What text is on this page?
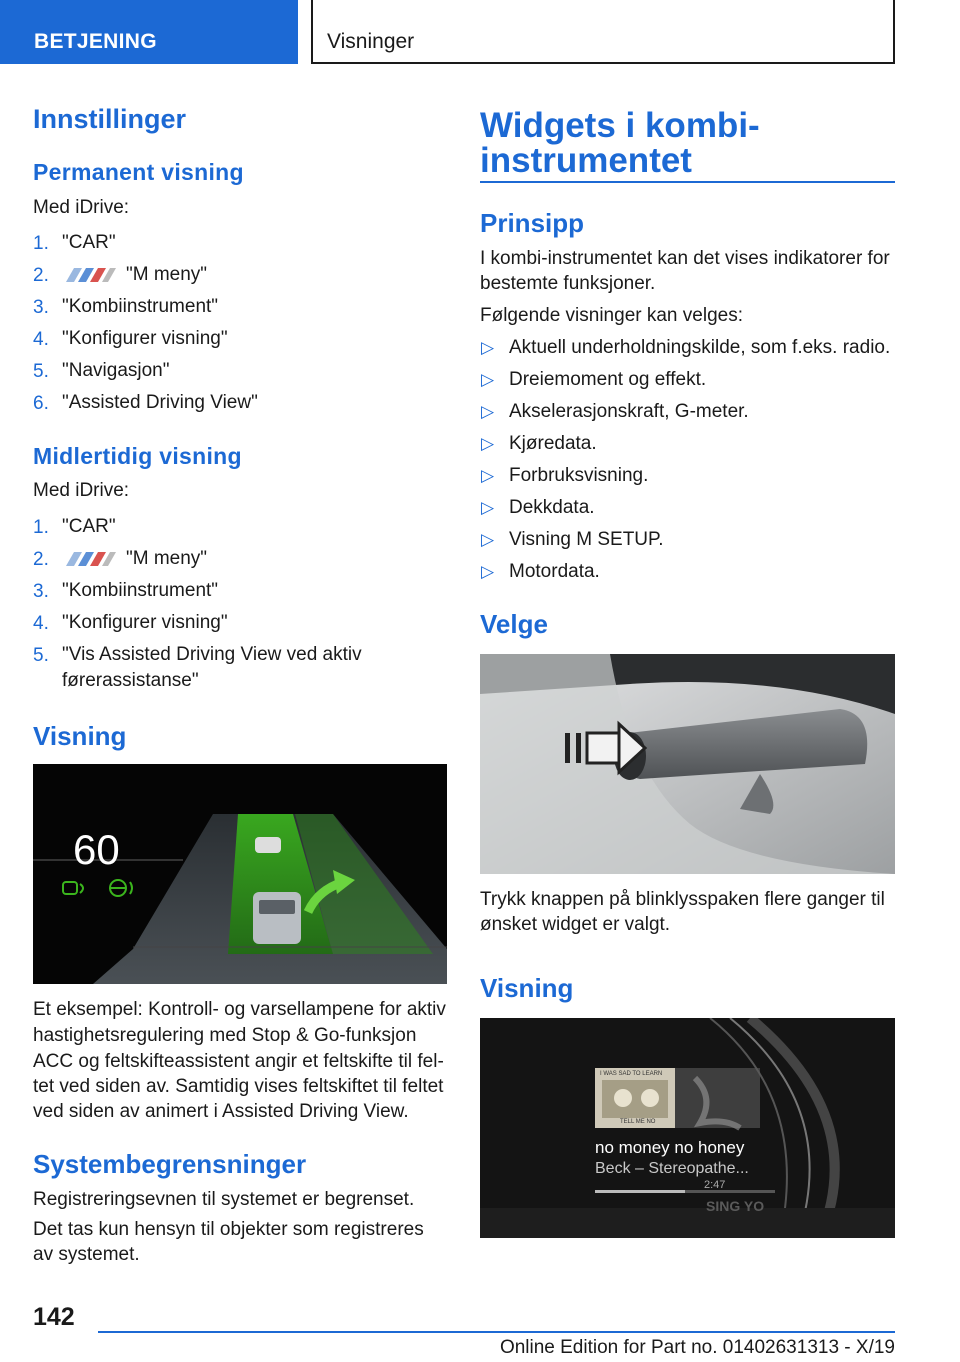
BETJENING	Visninger
Innstillinger
Permanent visning
Med iDrive:
1. "CAR"
2.	"M meny"
3. "Kombiinstrument"
4. "Konfigurer visning"
5. "Navigasjon"
6. "Assisted Driving View"
Midlertidig visning
Med iDrive:
1. "CAR"
2.	"M meny"
3. "Kombiinstrument"
4. "Konfigurer visning"
5. "Vis Assisted Driving View ved aktiv
førerassistanse"
Visning
60
Et eksempel: Kontroll- og varsellampene for aktiv
hastighetsregulering med Stop & Go-funksjon
ACC og feltskifteassistent angir et feltskifte til fel-
tet ved siden av. Samtidig vises feltskiftet til feltet
ved siden av animert i Assisted Driving View.
Systembegrensninger
Registreringsevnen til systemet er begrenset.
Det tas kun hensyn til objekter som registreres
av systemet.
Widgets i kombi-
instrumentet
Prinsipp
I kombi-instrumentet kan det vises indikatorer for
bestemte funksjoner.
Følgende visninger kan velges:
▷ Aktuell underholdningskilde, som f.eks. radio.
▷ Dreiemoment og effekt.
▷ Akselerasjonskraft, G-meter.
▷ Kjøredata.
▷ Forbruksvisning.
▷ Dekkdata.
▷ Visning M SETUP.
▷ Motordata.
Velge
Trykk knappen på blinklysspaken flere ganger til
ønsket widget er valgt.
Visning
I WAS SAD TO LEARN
TELL ME NO
no money no honey
Beck – Stereopathe...
2:47
SING YO
142
Online Edition for Part no. 01402631313 - X/19
